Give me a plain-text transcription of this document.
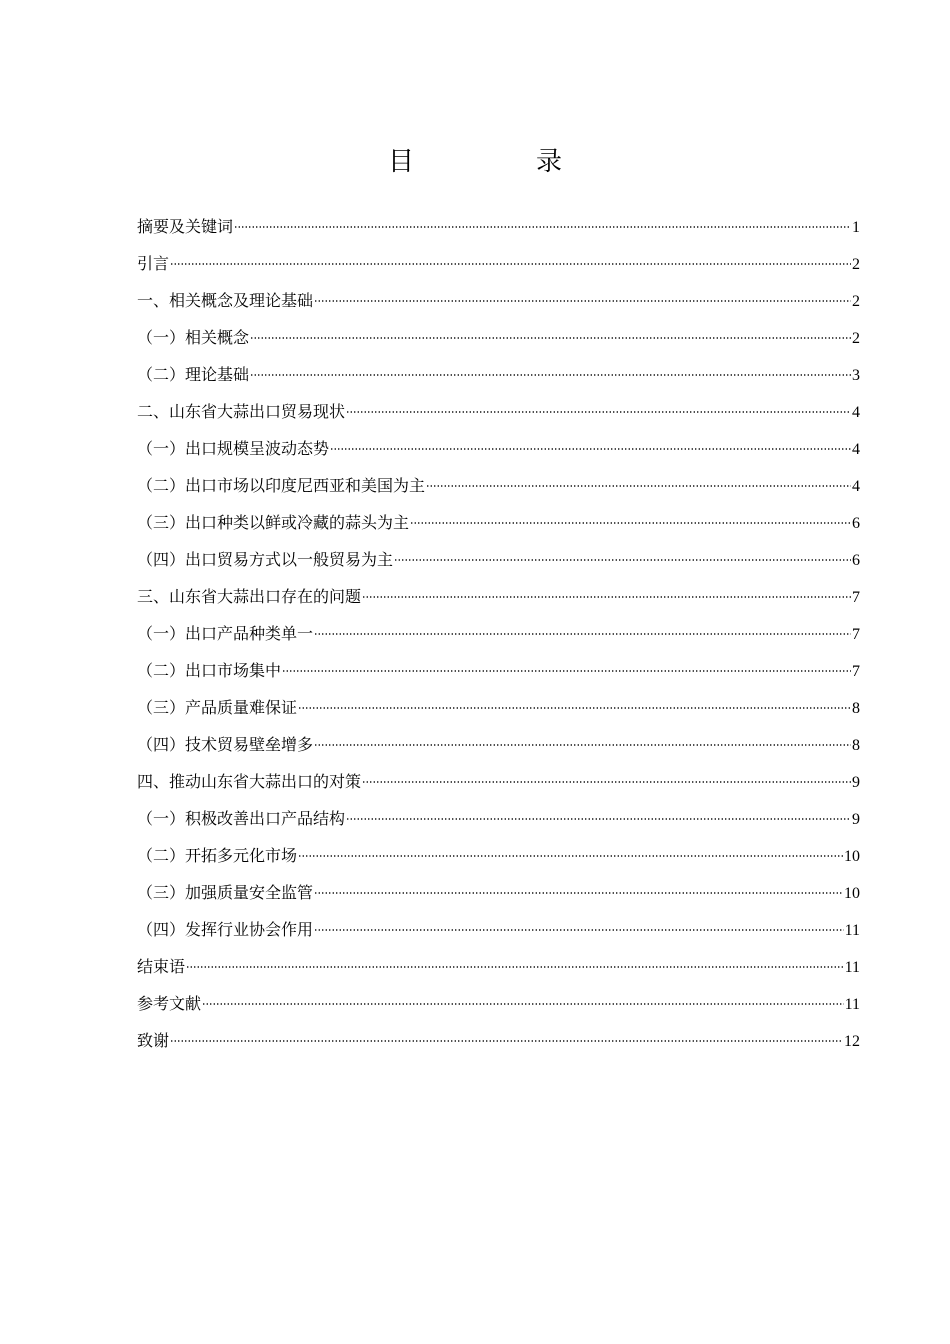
目　录
摘要及关键词	1
引言	2
一、相关概念及理论基础	2
（一）相关概念	2
（二）理论基础	3
二、山东省大蒜出口贸易现状	4
（一）出口规模呈波动态势	4
（二）出口市场以印度尼西亚和美国为主	4
（三）出口种类以鲜或冷藏的蒜头为主	6
（四）出口贸易方式以一般贸易为主	6
三、山东省大蒜出口存在的问题	7
（一）出口产品种类单一	7
（二）出口市场集中	7
（三）产品质量难保证	8
（四）技术贸易壁垒增多	8
四、推动山东省大蒜出口的对策	9
（一）积极改善出口产品结构	9
（二）开拓多元化市场	10
（三）加强质量安全监管	10
（四）发挥行业协会作用	11
结束语	11
参考文献	11
致谢	12
